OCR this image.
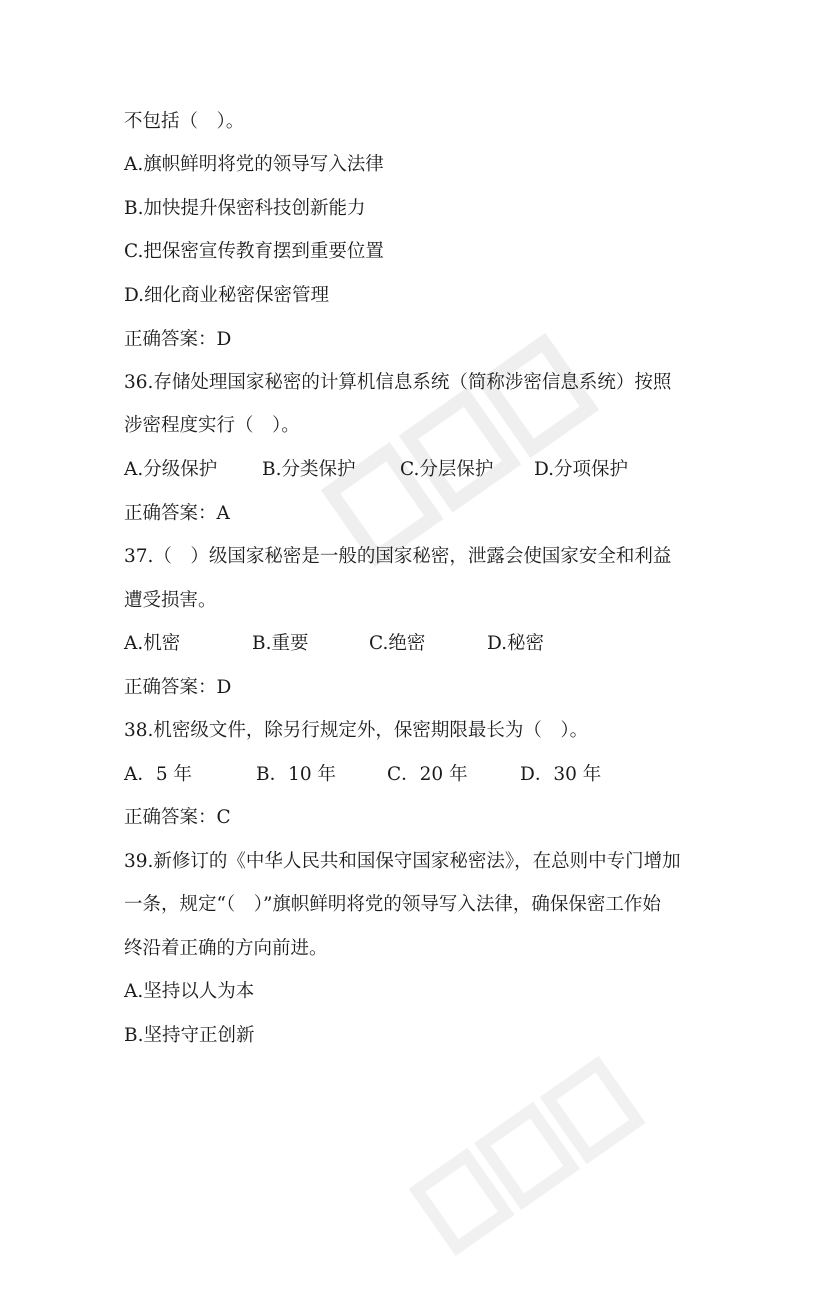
不包括（　）。
A.旗帜鲜明将党的领导写入法律
B.加快提升保密科技创新能力
C.把保密宣传教育摆到重要位置
D.细化商业秘密保密管理
正确答案：D
36.存储处理国家秘密的计算机信息系统（简称涉密信息系统）按照
涉密程度实行（　）。
A.分级保护 B.分类保护 C.分层保护 D.分项保护
正确答案：A
37.（　）级国家秘密是一般的国家秘密，泄露会使国家安全和利益
遭受损害。
A.机密	B.重要	C.绝密	D.秘密
正确答案：D
38.机密级文件，除另行规定外，保密期限最长为（　）。
A．5 年	B．10 年	C．20 年	D．30 年
正确答案：C
39.新修订的《中华人民共和国保守国家秘密法》，在总则中专门增加
一条，规定“（　）”旗帜鲜明将党的领导写入法律，确保保密工作始
终沿着正确的方向前进。
A.坚持以人为本
B.坚持守正创新
